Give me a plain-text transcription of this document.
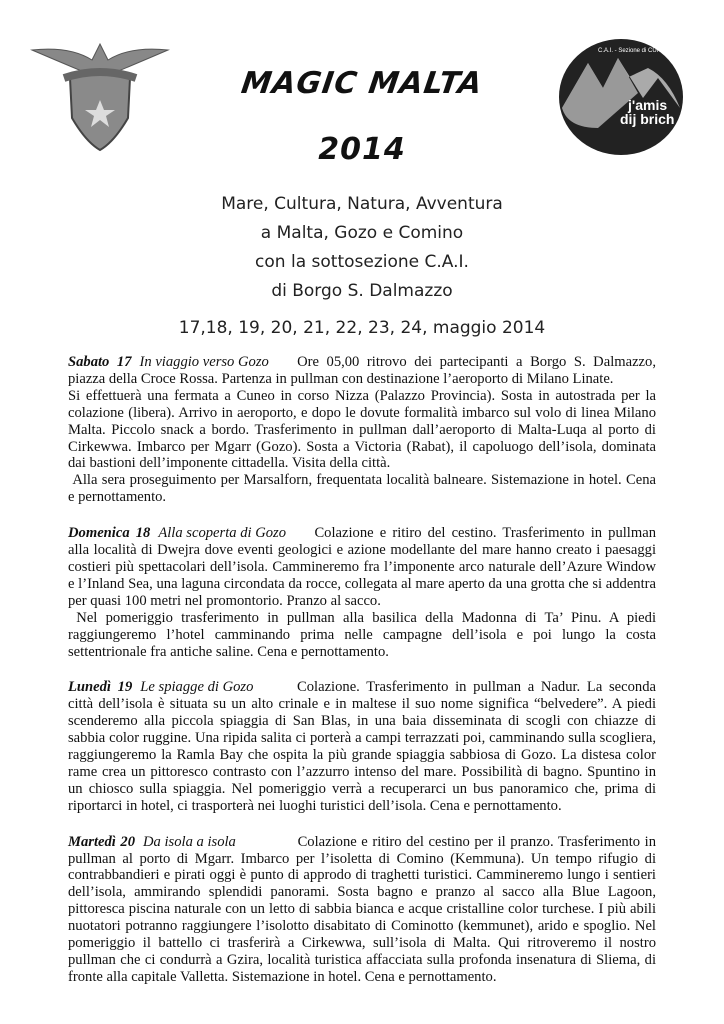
j'amis
dij brich
C.A.I. - Sezione di CUNEO
MAGIC MALTA
2014
Mare, Cultura, Natura, Avventura
a Malta, Gozo e Comino
con la sottosezione C.A.I.
di Borgo S. Dalmazzo
17,18, 19, 20, 21, 22, 23, 24, maggio 2014

Sabato 17 In viaggio verso Gozo Ore 05,00 ritrovo dei partecipanti a Borgo S. Dalmazzo, piazza della Croce Rossa. Partenza in pullman con destinazione l’aeroporto di Milano Linate.

Si effettuerà una fermata a Cuneo in corso Nizza (Palazzo Provincia). Sosta in autostrada per la colazione (libera). Arrivo in aeroporto, e dopo le dovute formalità imbarco sul volo di linea Milano Malta. Piccolo snack a bordo. Trasferimento in pullman dall’aeroporto di Malta-Luqa al porto di Cirkewwa. Imbarco per Mgarr (Gozo). Sosta a Victoria (Rabat), il capoluogo dell’isola, dominata dai bastioni dell’imponente cittadella. Visita della città.

Alla sera proseguimento per Marsalforn, frequentata località balneare. Sistemazione in hotel. Cena e pernottamento.

Domenica 18 Alla scoperta di Gozo Colazione e ritiro del cestino. Trasferimento in pullman alla località di Dwejra dove eventi geologici e azione modellante del mare hanno creato i paesaggi costieri più spettacolari dell’isola. Cammineremo fra l’imponente arco naturale dell’Azure Window e l’Inland Sea, una laguna circondata da rocce, collegata al mare aperto da una grotta che si addentra per quasi 100 metri nel promontorio. Pranzo al sacco.

Nel pomeriggio trasferimento in pullman alla basilica della Madonna di Ta’ Pinu. A piedi raggiungeremo l’hotel camminando prima nelle campagne dell’isola e poi lungo la costa settentrionale fra antiche saline. Cena e pernottamento.

Lunedì 19 Le spiagge di Gozo	Colazione. Trasferimento in pullman a Nadur. La seconda città dell’isola è situata su un alto crinale e in maltese il suo nome significa “belvedere”. A piedi scenderemo alla piccola spiaggia di San Blas, in una baia disseminata di scogli con chiazze di sabbia color ruggine. Una ripida salita ci porterà a campi terrazzati poi, camminando sulla scogliera, raggiungeremo la Ramla Bay che ospita la più grande spiaggia sabbiosa di Gozo. La distesa color rame crea un pittoresco contrasto con l’azzurro intenso del mare. Possibilità di bagno. Spuntino in un chiosco sulla spiaggia. Nel pomeriggio verrà a recuperarci un bus panoramico che, prima di riportarci in hotel, ci trasporterà nei luoghi turistici dell’isola. Cena e pernottamento.

Martedì 20 Da isola a isola	Colazione e ritiro del cestino per il pranzo. Trasferimento in pullman al porto di Mgarr. Imbarco per l’isoletta di Comino (Kemmuna). Un tempo rifugio di contrabbandieri e pirati oggi è punto di approdo di traghetti turistici. Cammineremo lungo i sentieri dell’isola, ammirando splendidi panorami. Sosta bagno e pranzo al sacco alla Blue Lagoon, pittoresca piscina naturale con un letto di sabbia bianca e acque cristalline color turchese. I più abili nuotatori potranno raggiungere l’isolotto disabitato di Cominotto (kemmunet), arido e spoglio. Nel pomeriggio il battello ci trasferirà a Cirkewwa, sull’isola di Malta. Qui ritroveremo il nostro pullman che ci condurrà a Gzira, località turistica affacciata sulla profonda insenatura di Sliema, di fronte alla capitale Valletta. Sistemazione in hotel. Cena e pernottamento.
